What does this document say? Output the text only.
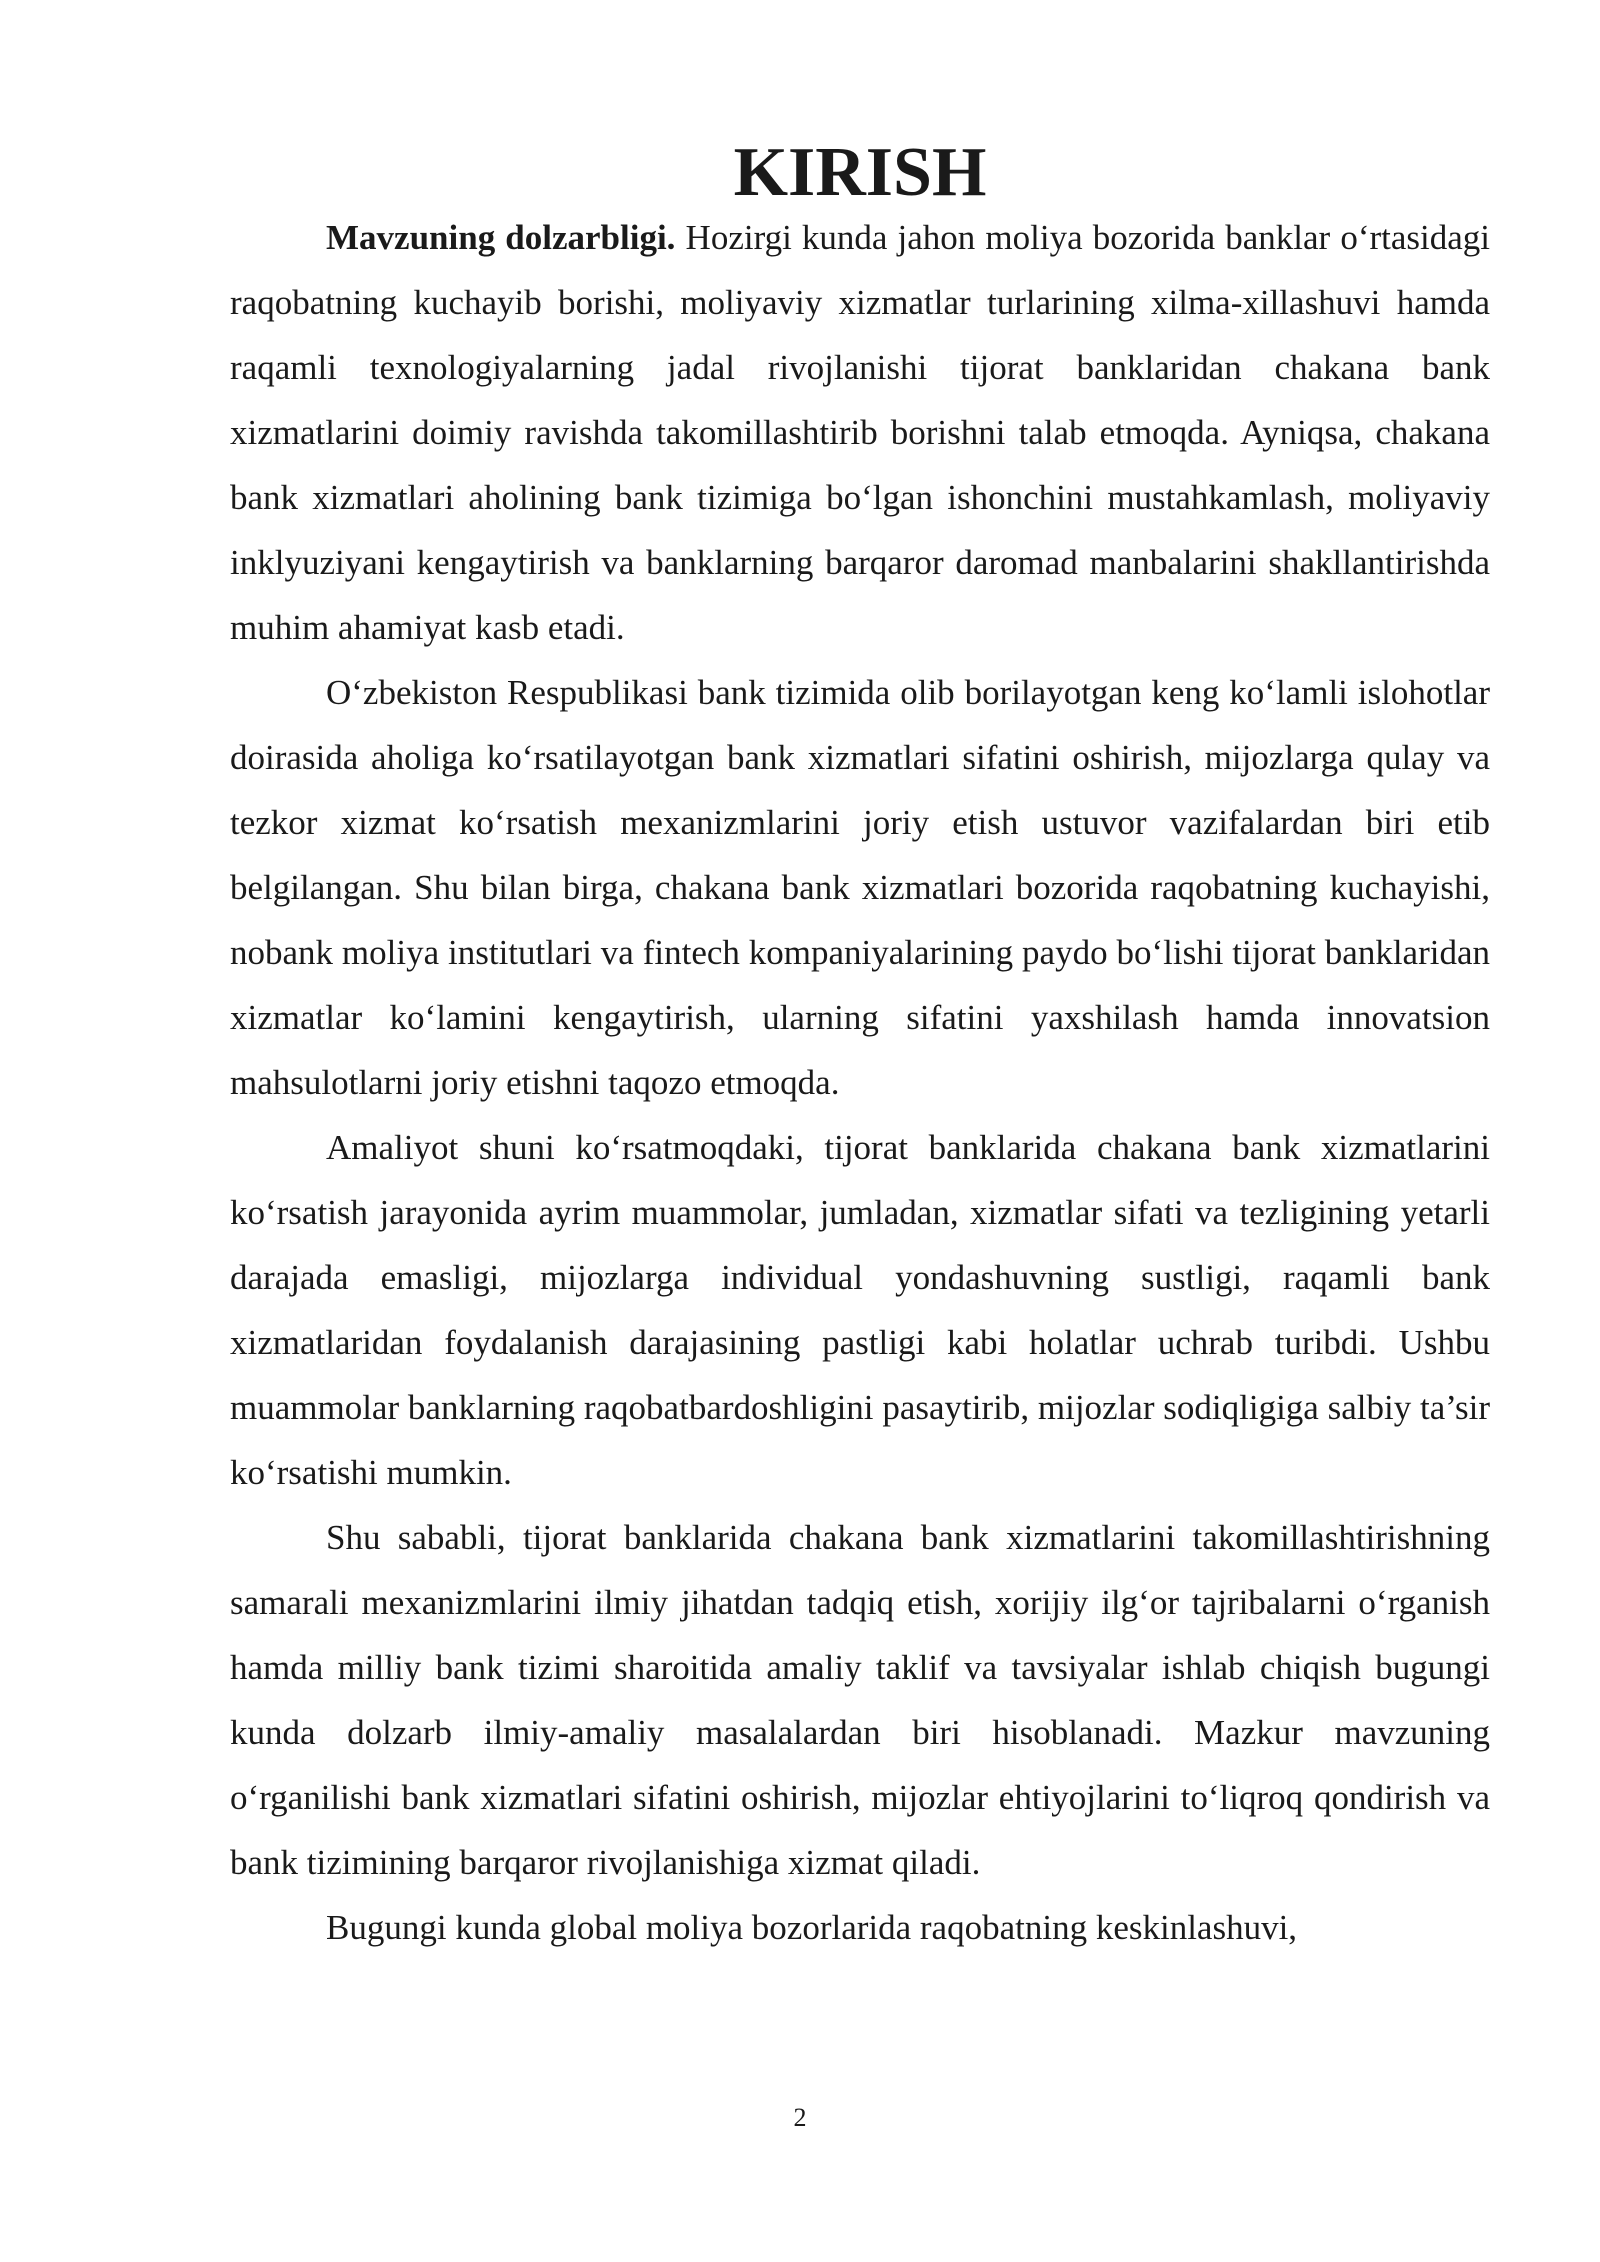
KIRISH

Mavzuning dolzarbligi. Hozirgi kunda jahon moliya bozorida banklar o‘rtasidagi raqobatning kuchayib borishi, moliyaviy xizmatlar turlarining xilma-xillashuvi hamda raqamli texnologiyalarning jadal rivojlanishi tijorat banklaridan chakana bank xizmatlarini doimiy ravishda takomillashtirib borishni talab etmoqda. Ayniqsa, chakana bank xizmatlari aholining bank tizimiga bo‘lgan ishonchini mustahkamlash, moliyaviy inklyuziyani kengaytirish va banklarning barqaror daromad manbalarini shakllantirishda muhim ahamiyat kasb etadi.

O‘zbekiston Respublikasi bank tizimida olib borilayotgan keng ko‘lamli islohotlar doirasida aholiga ko‘rsatilayotgan bank xizmatlari sifatini oshirish, mijozlarga qulay va tezkor xizmat ko‘rsatish mexanizmlarini joriy etish ustuvor vazifalardan biri etib belgilangan. Shu bilan birga, chakana bank xizmatlari bozorida raqobatning kuchayishi, nobank moliya institutlari va fintech kompaniyalarining paydo bo‘lishi tijorat banklaridan xizmatlar ko‘lamini kengaytirish, ularning sifatini yaxshilash hamda innovatsion mahsulotlarni joriy etishni taqozo etmoqda.

Amaliyot shuni ko‘rsatmoqdaki, tijorat banklarida chakana bank xizmatlarini ko‘rsatish jarayonida ayrim muammolar, jumladan, xizmatlar sifati va tezligining yetarli darajada emasligi, mijozlarga individual yondashuvning sustligi, raqamli bank xizmatlaridan foydalanish darajasining pastligi kabi holatlar uchrab turibdi. Ushbu muammolar banklarning raqobatbardoshligini pasaytirib, mijozlar sodiqligiga salbiy ta’sir ko‘rsatishi mumkin.

Shu sababli, tijorat banklarida chakana bank xizmatlarini takomillashtirishning samarali mexanizmlarini ilmiy jihatdan tadqiq etish, xorijiy ilg‘or tajribalarni o‘rganish hamda milliy bank tizimi sharoitida amaliy taklif va tavsiyalar ishlab chiqish bugungi kunda dolzarb ilmiy-amaliy masalalardan biri hisoblanadi. Mazkur mavzuning o‘rganilishi bank xizmatlari sifatini oshirish, mijozlar ehtiyojlarini to‘liqroq qondirish va bank tizimining barqaror rivojlanishiga xizmat qiladi.

Bugungi kunda global moliya bozorlarida raqobatning keskinlashuvi,

2
